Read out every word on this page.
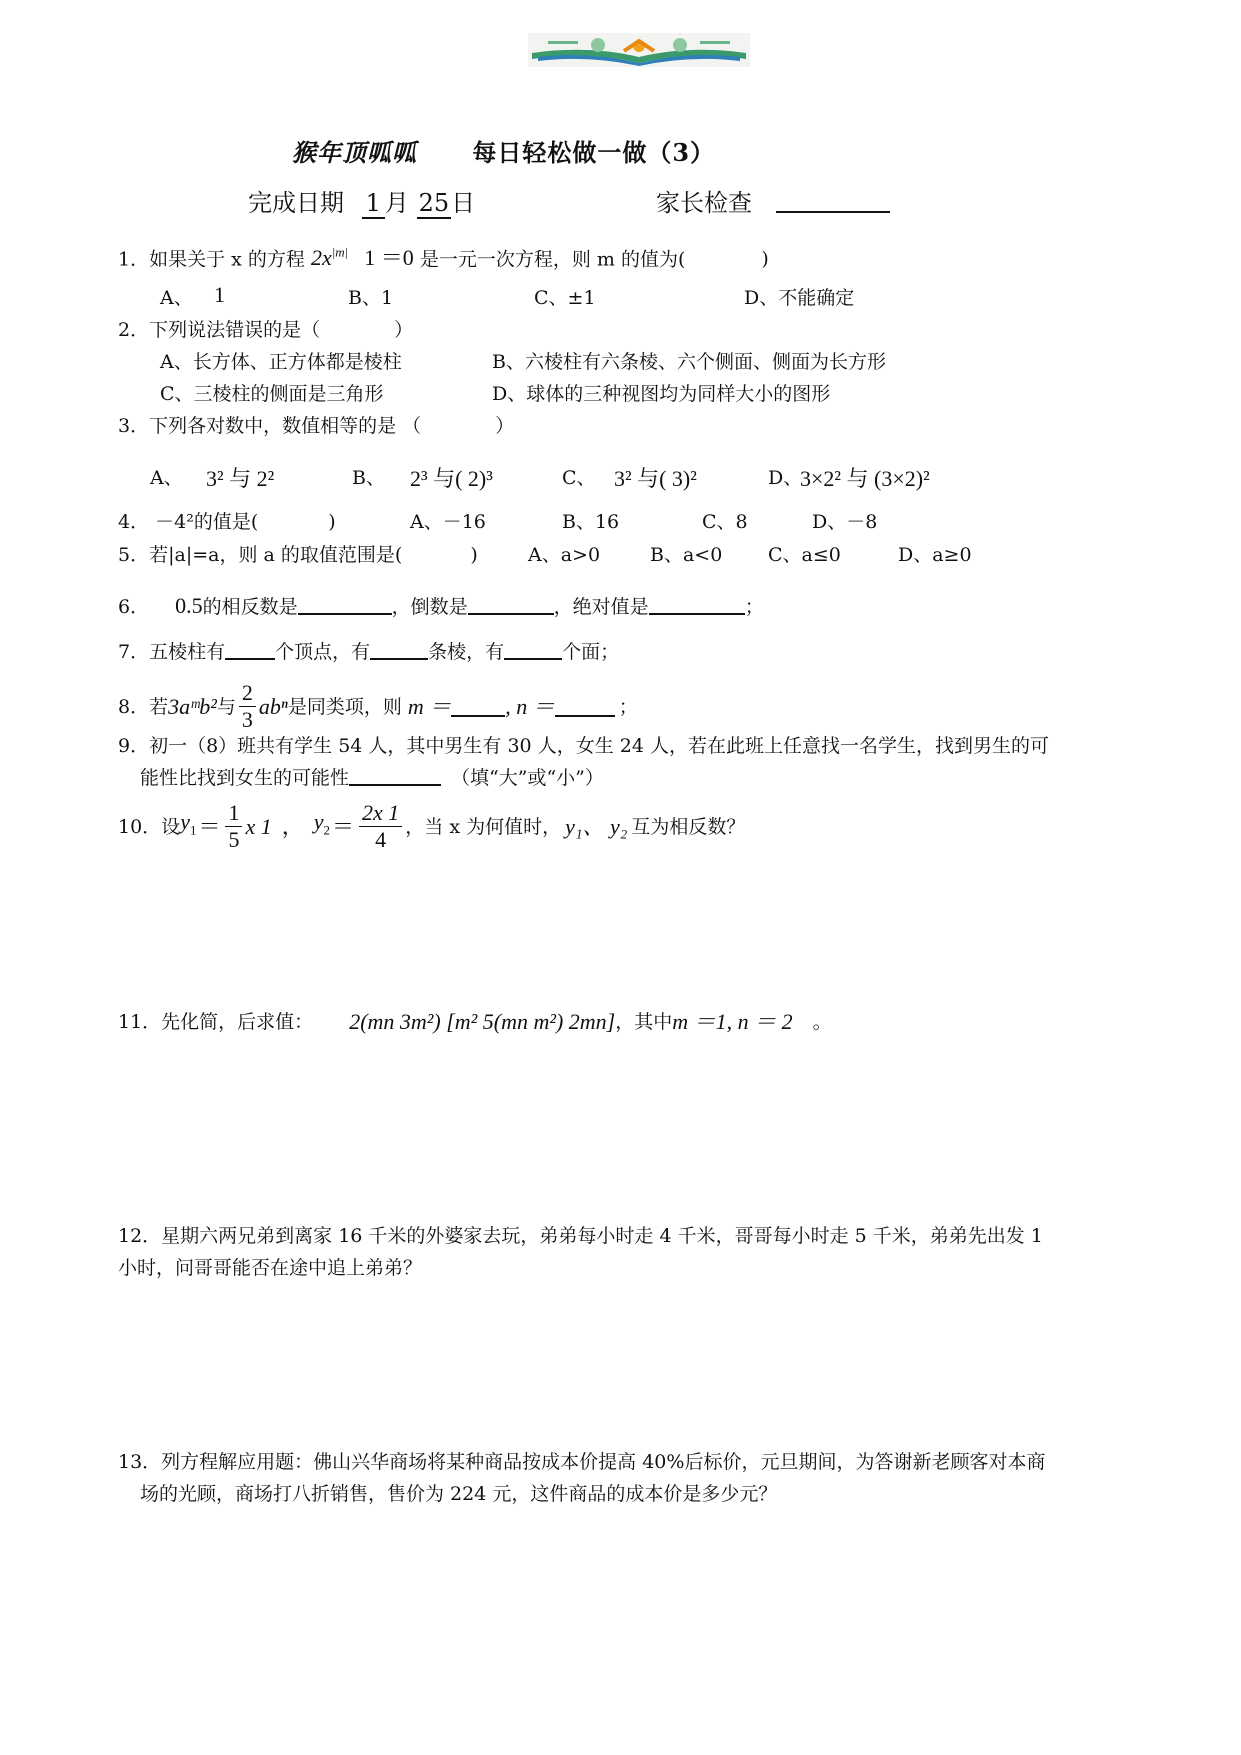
猴年顶呱呱 每日轻松做一做（3）
完成日期 1 月 25日	家长检查
1．如果关于 x 的方程 $2x^{|m|}$ 1 ＝0 是一元一次方程，则 m 的值为(	)
A、 1	B、1	C、±1	D、不能确定
2．下列说法错误的是（	）
A、长方体、正方体都是棱柱	B、六棱柱有六条棱、六个侧面、侧面为长方形
C、三棱柱的侧面是三角形	D、球体的三种视图均为同样大小的图形
3．下列各对数中，数值相等的是 （	）
A、 3² 与 2²	B、 2³ 与( 2)³	C、 3² 与( 3)²	D、
3×2² 与 (3×2)²
4． －4²的值是(	)	A、－16	B、16	C、8	D、－8
5．若|a|=a，则 a 的取值范围是(	)	A、a>0	B、a<0 C、a≤0	D、a≥0
6． 0.5的相反数是	，倒数是	，绝对值是	；
7．五棱柱有	个顶点，有	条棱，有	个面；
8．若 3aᵐb² 与 $\frac{2}{3}$ abⁿ 是同类项，则 m ＝ , n ＝	；
9．初一（8）班共有学生 54 人，其中男生有 30 人，女生 24 人，若在此班上任意找一名学生，找到男生的可
能性比找到女生的可能性	（填“大”或“小”）
10．设 $y_1 = \frac{1}{5}$ x 1 ， $y_2 = \frac{2x 1}{4}$ ，当 x 为何值时， y₁、 y₂ 互为相反数？
11．先化简，后求值： 2(mn 3m²) [m² 5(mn m²) 2mn] ，其中 m ＝1, n ＝ 2 。
12．星期六两兄弟到离家 16 千米的外婆家去玩，弟弟每小时走 4 千米，哥哥每小时走 5 千米，弟弟先出发 1
小时，问哥哥能否在途中追上弟弟？
13．列方程解应用题：佛山兴华商场将某种商品按成本价提高 40%后标价，元旦期间，为答谢新老顾客对本商
场的光顾，商场打八折销售，售价为 224 元，这件商品的成本价是多少元？
